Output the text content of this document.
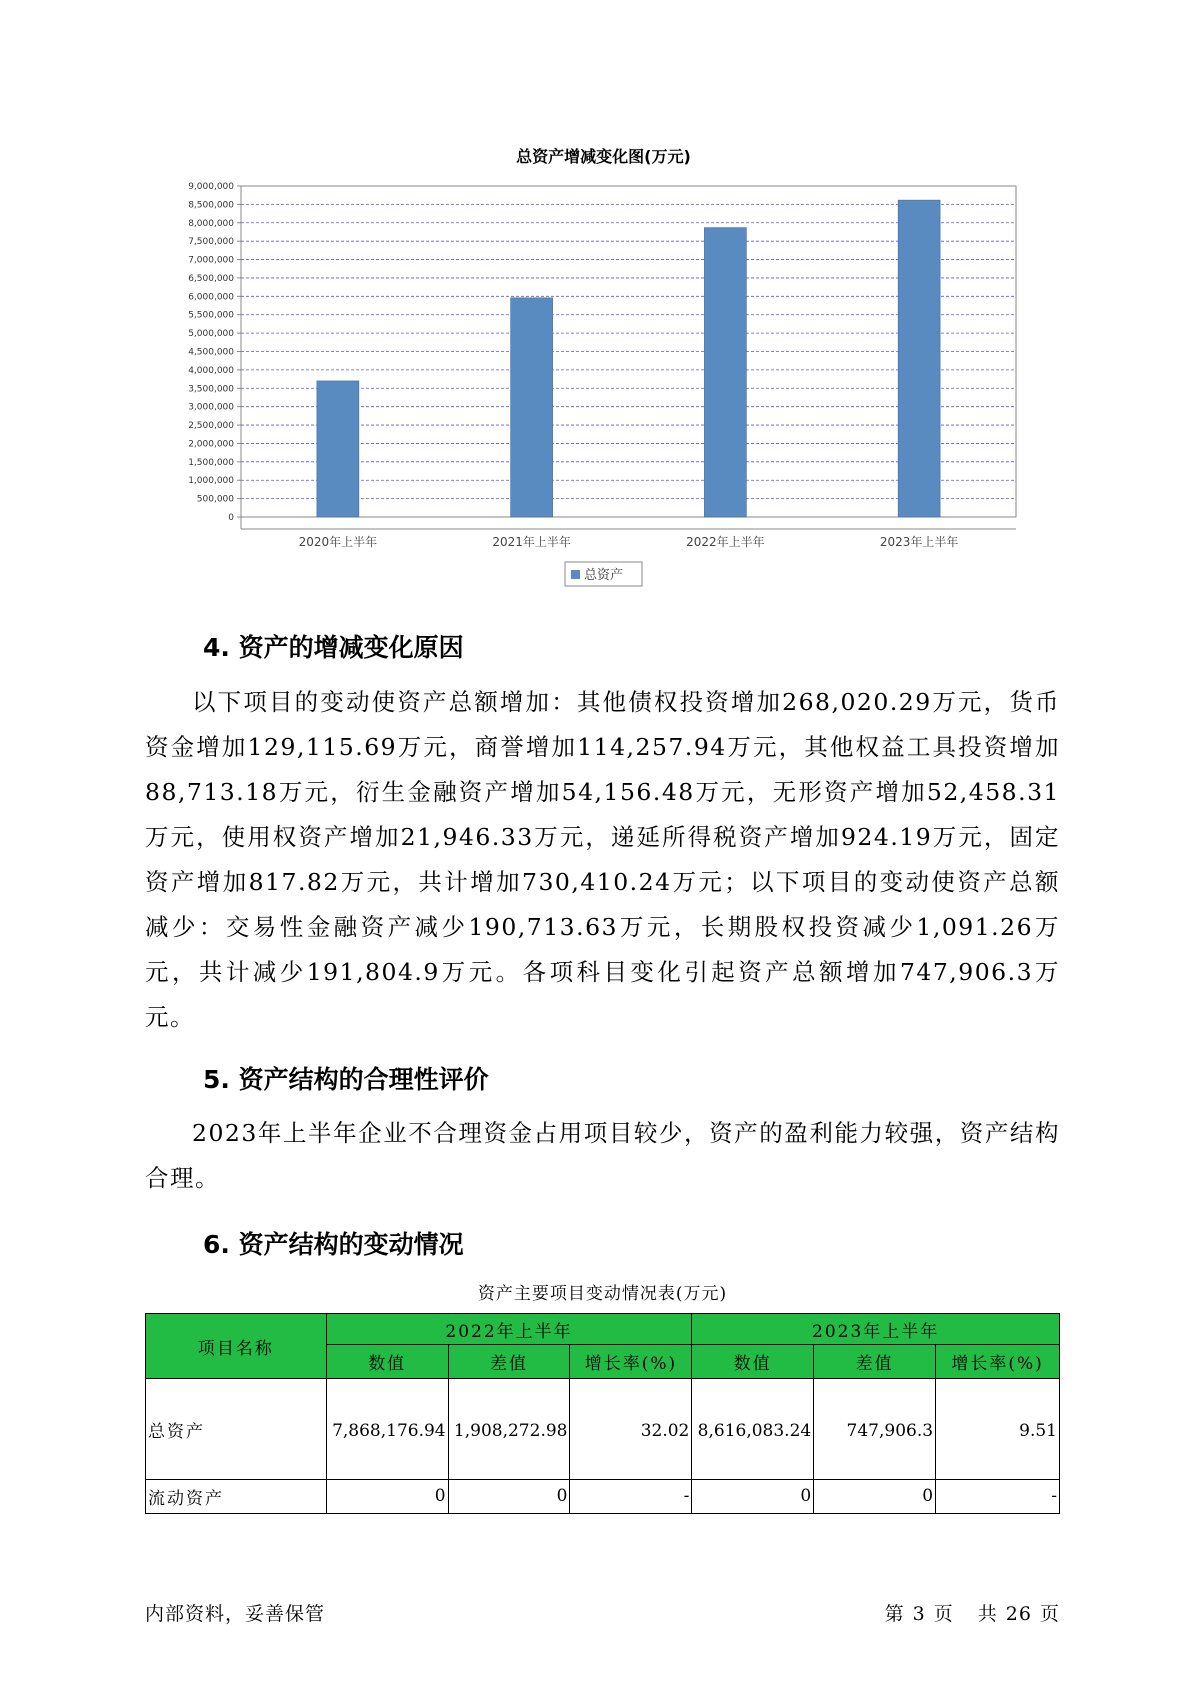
总资产增减变化图(万元)
0
500,000
1,000,000
1,500,000
2,000,000
2,500,000
3,000,000
3,500,000
4,000,000
4,500,000
5,000,000
5,500,000
6,000,000
6,500,000
7,000,000
7,500,000
8,000,000
8,500,000
9,000,000
2020年上半年	2021年上半年	2022年上半年	2023年上半年
总资产
4. 资产的增减变化原因

以下项目的变动使资产总额增加：其他债权投资增加268,020.29万元，货币资金增加129,115.69万元，商誉增加114,257.94万元，其他权益工具投资增加88,713.18万元，衍生金融资产增加54,156.48万元，无形资产增加52,458.31万元，使用权资产增加21,946.33万元，递延所得税资产增加924.19万元，固定资产增加817.82万元，共计增加730,410.24万元；以下项目的变动使资产总额减少：交易性金融资产减少190,713.63万元，长期股权投资减少1,091.26万元，共计减少191,804.9万元。各项科目变化引起资产总额增加747,906.3万元。

5. 资产结构的合理性评价

2023年上半年企业不合理资金占用项目较少，资产的盈利能力较强，资产结构合理。

6. 资产结构的变动情况
资产主要项目变动情况表(万元)
项目名称	2022年上半年			2023年上半年		
	数值	差值	增长率(%)	数值	差值	增长率(%)
总资产	7,868,176.94	1,908,272.98	32.02	8,616,083.24	747,906.3	9.51
流动资产	0	0	-	0	0	-
内部资料，妥善保管	第 3 页 共 26 页
